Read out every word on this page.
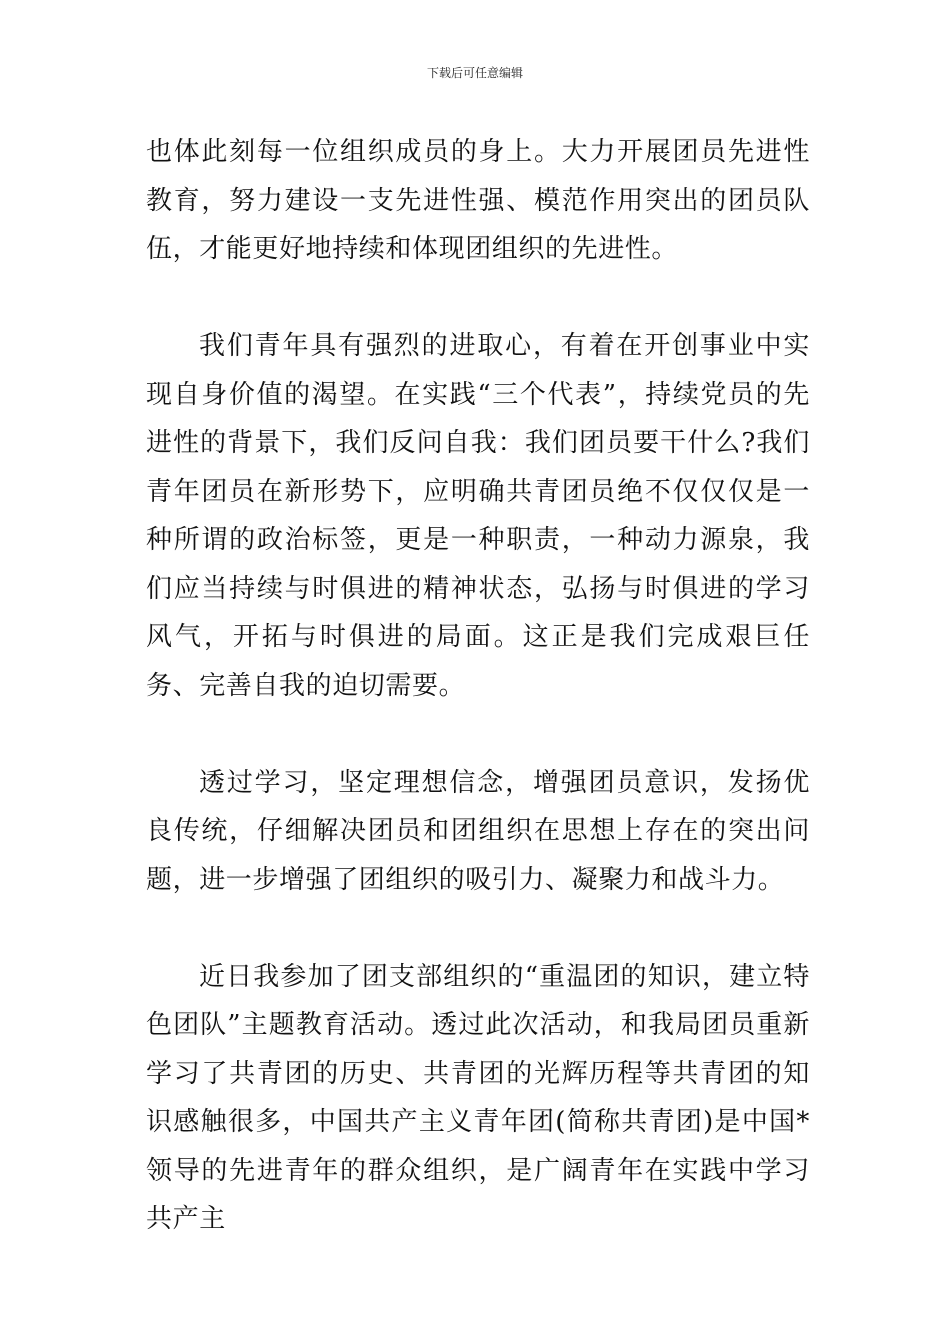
下载后可任意编辑

也体此刻每一位组织成员的身上。大力开展团员先进性教育，努力建设一支先进性强、模范作用突出的团员队伍，才能更好地持续和体现团组织的先进性。

我们青年具有强烈的进取心，有着在开创事业中实现自身价值的渴望。在实践“三个代表”，持续党员的先进性的背景下，我们反问自我：我们团员要干什么?我们青年团员在新形势下，应明确共青团员绝不仅仅仅是一种所谓的政治标签，更是一种职责，一种动力源泉，我们应当持续与时俱进的精神状态，弘扬与时俱进的学习风气，开拓与时俱进的局面。这正是我们完成艰巨任务、完善自我的迫切需要。

透过学习，坚定理想信念，增强团员意识，发扬优良传统，仔细解决团员和团组织在思想上存在的突出问题，进一步增强了团组织的吸引力、凝聚力和战斗力。

近日我参加了团支部组织的“重温团的知识，建立特色团队”主题教育活动。透过此次活动，和我局团员重新学习了共青团的历史、共青团的光辉历程等共青团的知识感触很多，中国共产主义青年团(简称共青团)是中国*领导的先进青年的群众组织，是广阔青年在实践中学习共产主
